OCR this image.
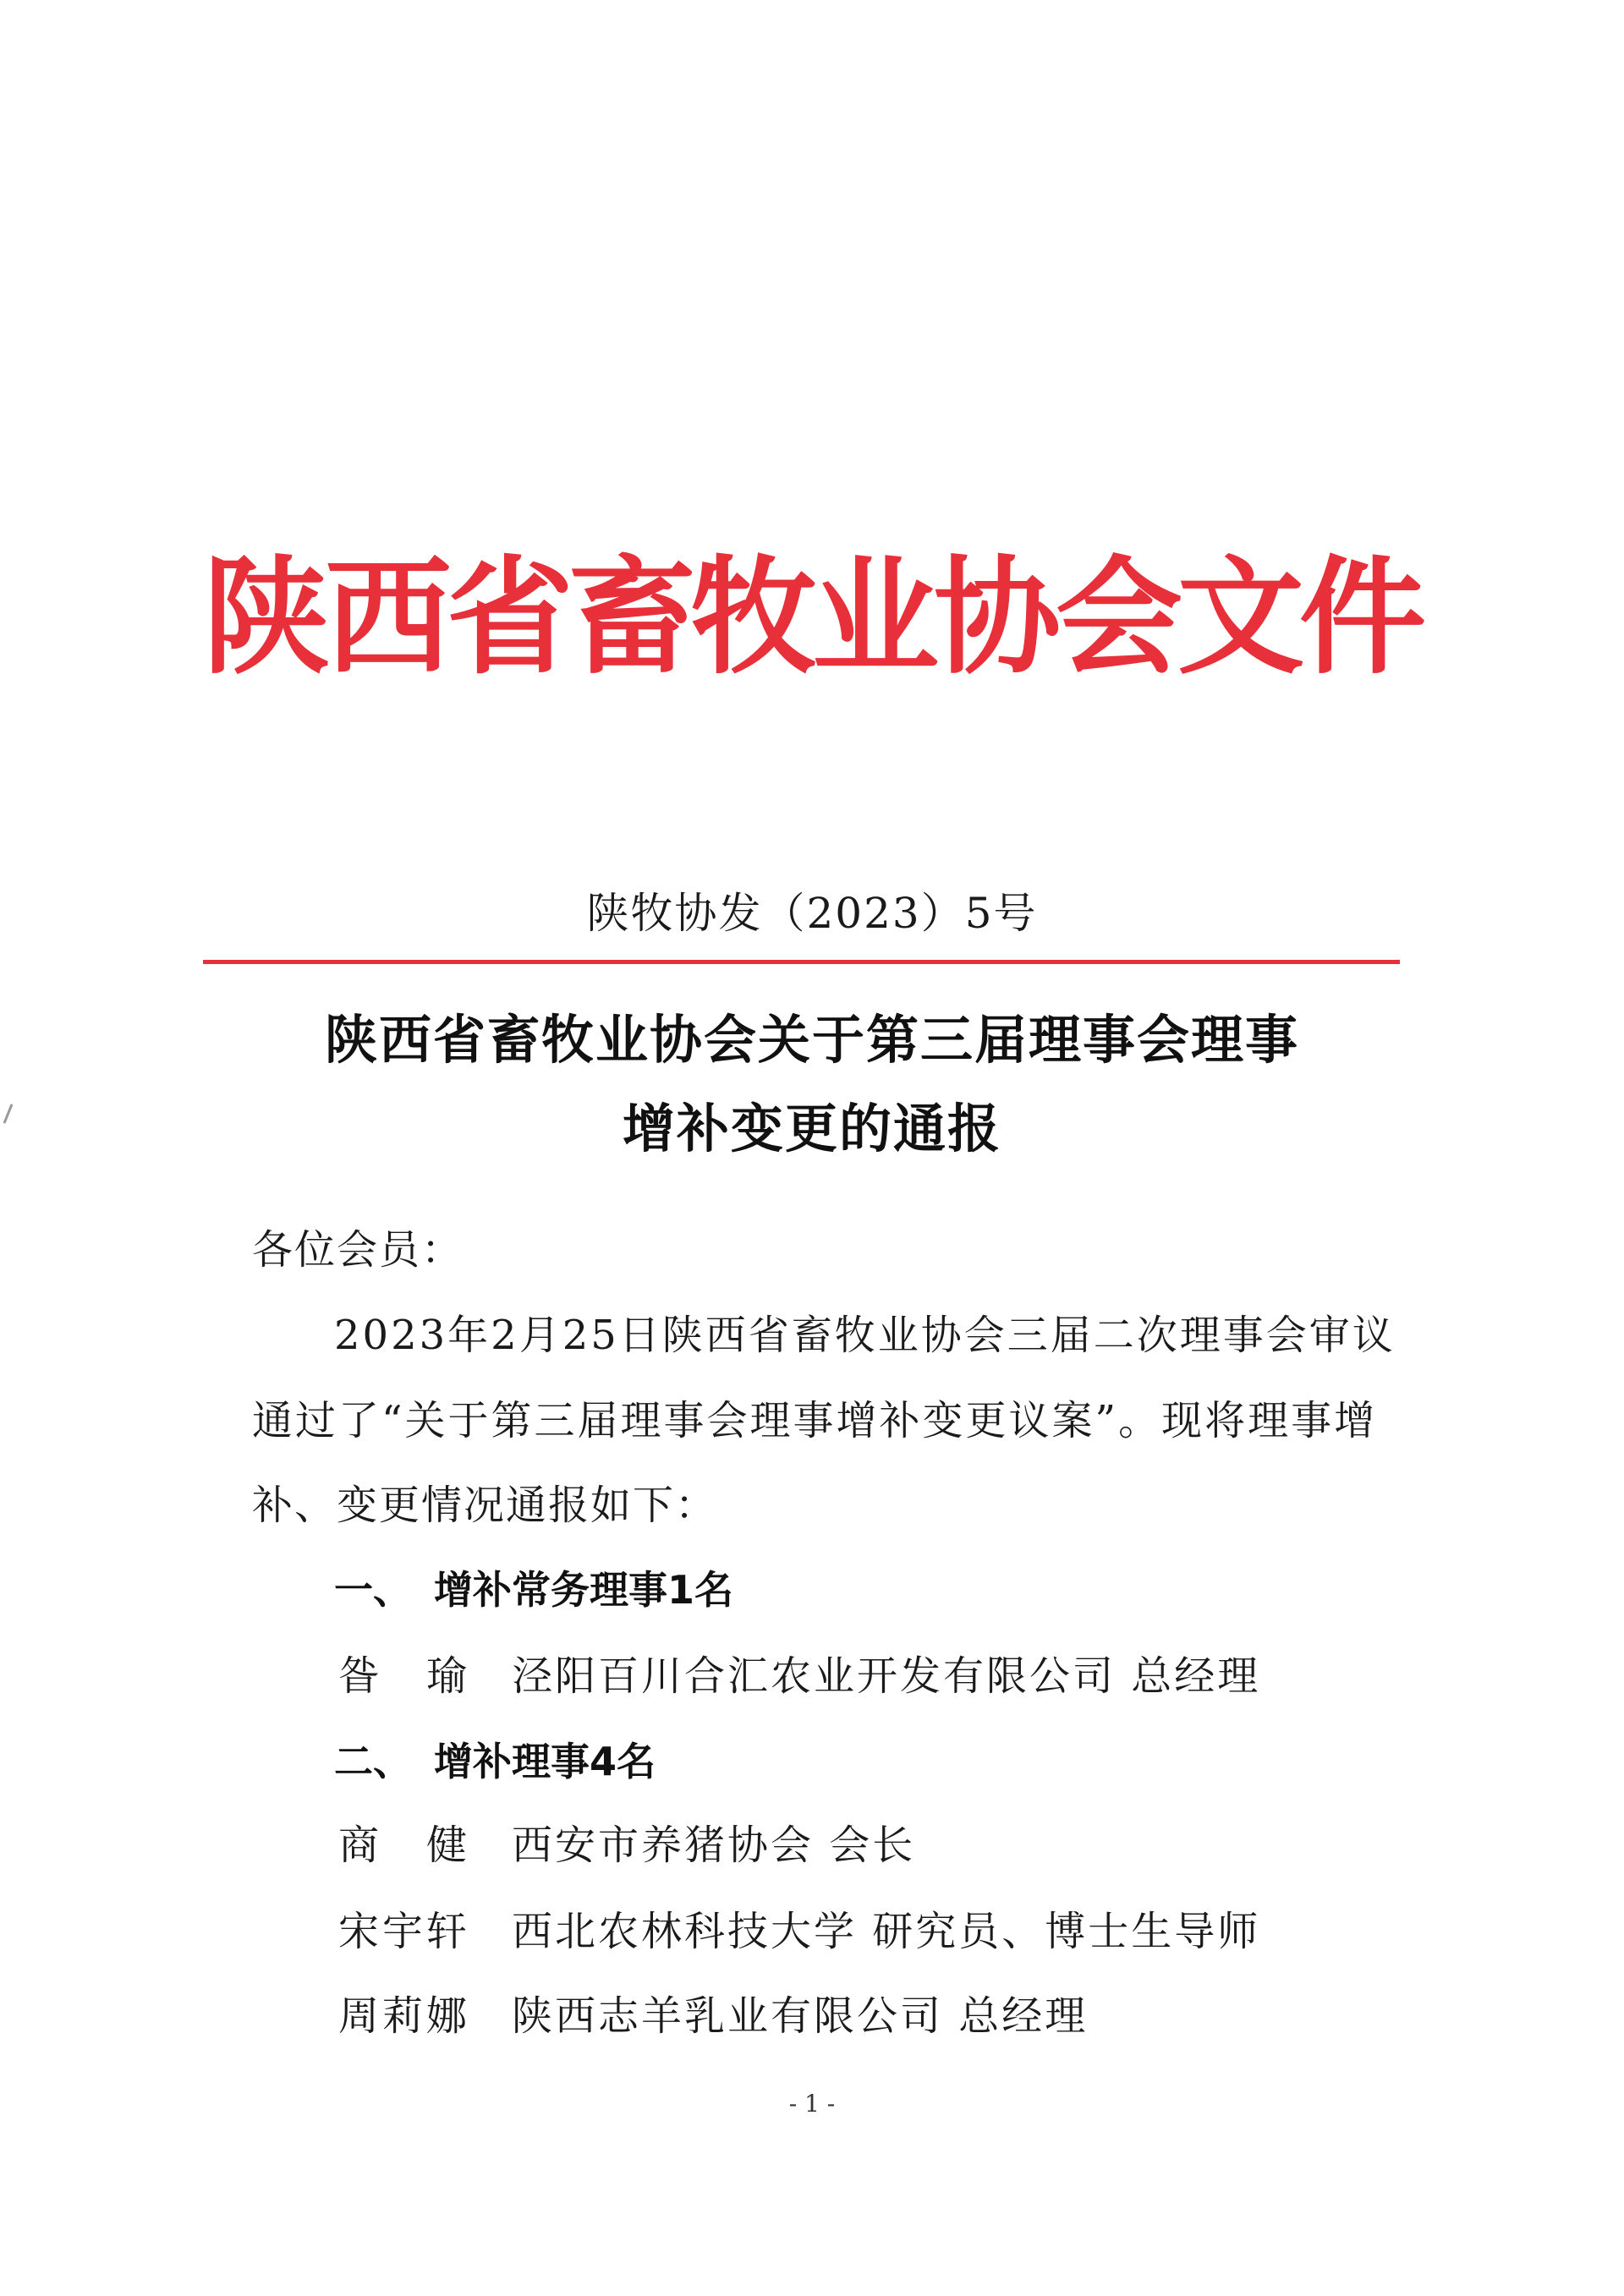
陕西省畜牧业协会文件
陕牧协发（2023）5号
陕西省畜牧业协会关于第三届理事会理事
增补变更的通报
各位会员：
2023年2月25日陕西省畜牧业协会三届二次理事会审议
通过了“关于第三届理事会理事增补变更议案”。现将理事增
补、变更情况通报如下：
一、 增补常务理事1名
昝瑜泾阳百川合汇农业开发有限公司 总经理
二、 增补理事4名
商健西安市养猪协会 会长
宋宇轩 西北农林科技大学 研究员、博士生导师
周莉娜 陕西志羊乳业有限公司 总经理
- 1 -
